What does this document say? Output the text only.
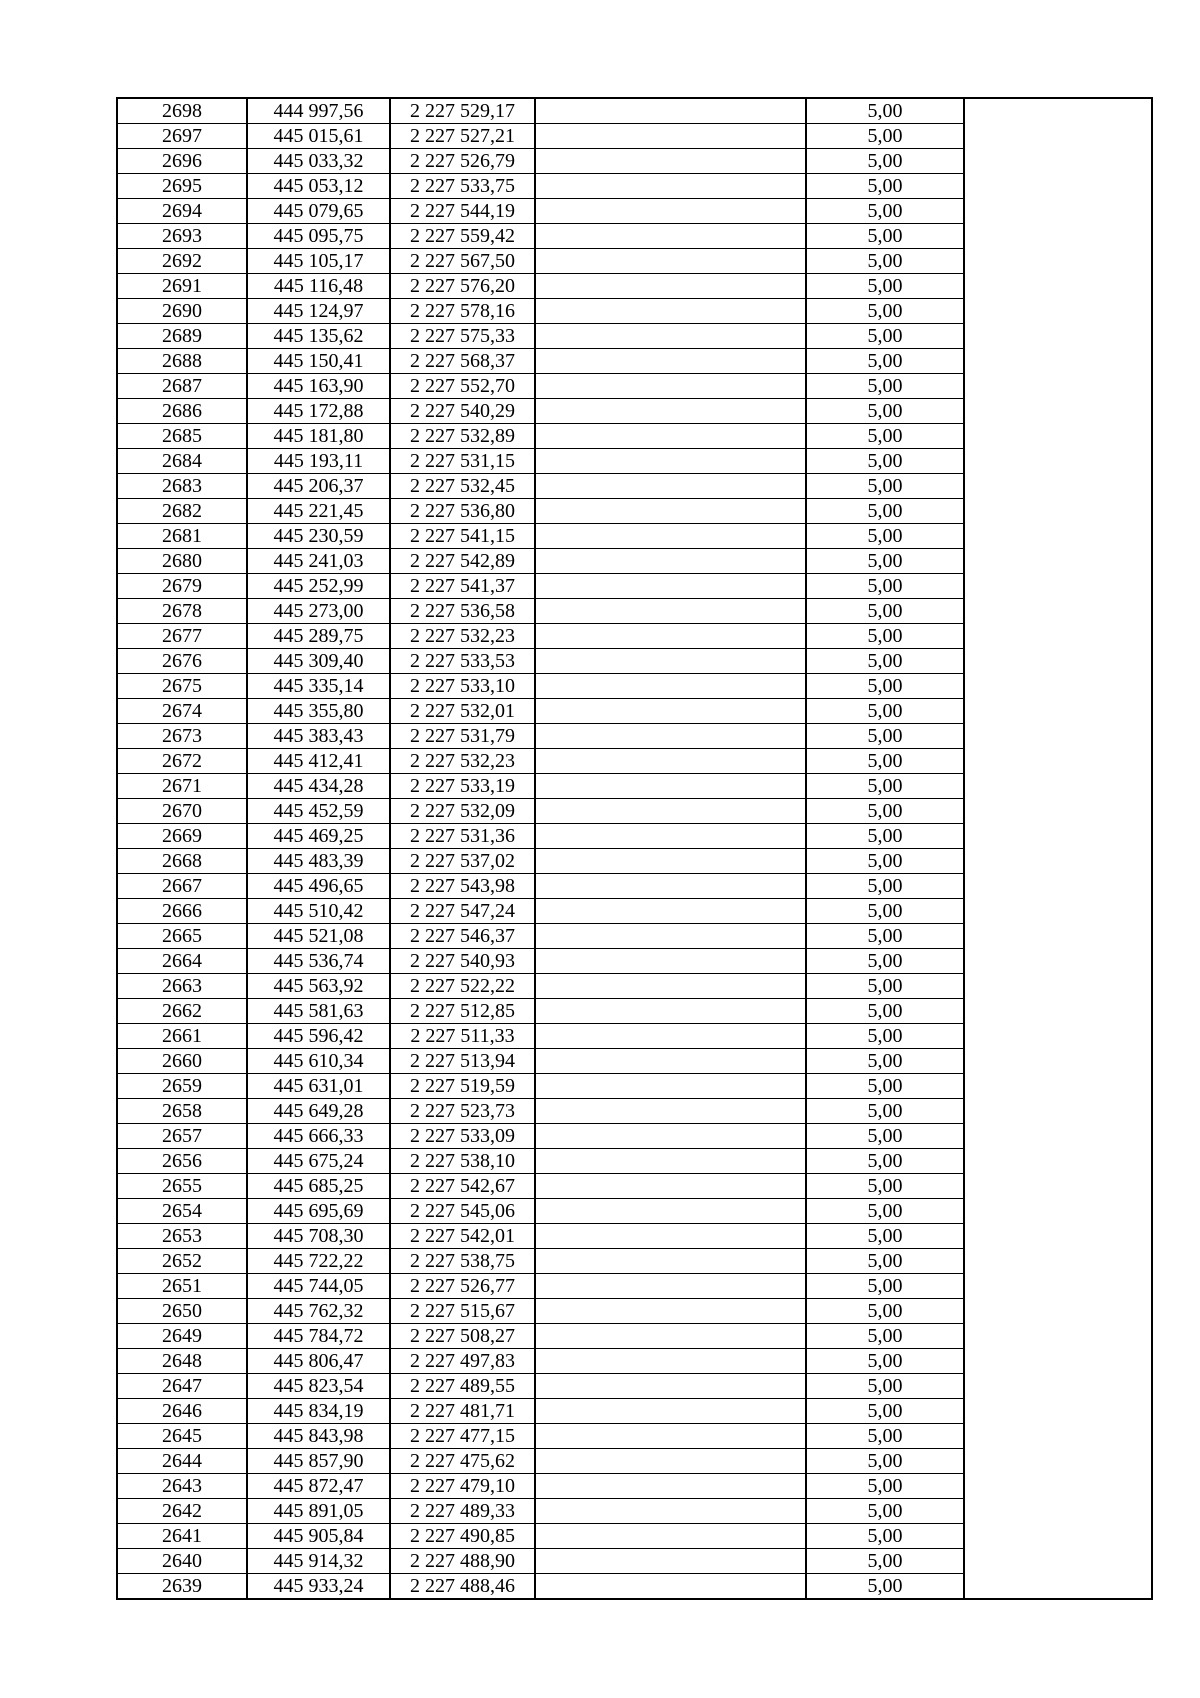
2698	444 997,56	2 227 529,17		5,00	
2697	445 015,61	2 227 527,21		5,00	
2696	445 033,32	2 227 526,79		5,00	
2695	445 053,12	2 227 533,75		5,00	
2694	445 079,65	2 227 544,19		5,00	
2693	445 095,75	2 227 559,42		5,00	
2692	445 105,17	2 227 567,50		5,00	
2691	445 116,48	2 227 576,20		5,00	
2690	445 124,97	2 227 578,16		5,00	
2689	445 135,62	2 227 575,33		5,00	
2688	445 150,41	2 227 568,37		5,00	
2687	445 163,90	2 227 552,70		5,00	
2686	445 172,88	2 227 540,29		5,00	
2685	445 181,80	2 227 532,89		5,00	
2684	445 193,11	2 227 531,15		5,00	
2683	445 206,37	2 227 532,45		5,00	
2682	445 221,45	2 227 536,80		5,00	
2681	445 230,59	2 227 541,15		5,00	
2680	445 241,03	2 227 542,89		5,00	
2679	445 252,99	2 227 541,37		5,00	
2678	445 273,00	2 227 536,58		5,00	
2677	445 289,75	2 227 532,23		5,00	
2676	445 309,40	2 227 533,53		5,00	
2675	445 335,14	2 227 533,10		5,00	
2674	445 355,80	2 227 532,01		5,00	
2673	445 383,43	2 227 531,79		5,00	
2672	445 412,41	2 227 532,23		5,00	
2671	445 434,28	2 227 533,19		5,00	
2670	445 452,59	2 227 532,09		5,00	
2669	445 469,25	2 227 531,36		5,00	
2668	445 483,39	2 227 537,02		5,00	
2667	445 496,65	2 227 543,98		5,00	
2666	445 510,42	2 227 547,24		5,00	
2665	445 521,08	2 227 546,37		5,00	
2664	445 536,74	2 227 540,93		5,00	
2663	445 563,92	2 227 522,22		5,00	
2662	445 581,63	2 227 512,85		5,00	
2661	445 596,42	2 227 511,33		5,00	
2660	445 610,34	2 227 513,94		5,00	
2659	445 631,01	2 227 519,59		5,00	
2658	445 649,28	2 227 523,73		5,00	
2657	445 666,33	2 227 533,09		5,00	
2656	445 675,24	2 227 538,10		5,00	
2655	445 685,25	2 227 542,67		5,00	
2654	445 695,69	2 227 545,06		5,00	
2653	445 708,30	2 227 542,01		5,00	
2652	445 722,22	2 227 538,75		5,00	
2651	445 744,05	2 227 526,77		5,00	
2650	445 762,32	2 227 515,67		5,00	
2649	445 784,72	2 227 508,27		5,00	
2648	445 806,47	2 227 497,83		5,00	
2647	445 823,54	2 227 489,55		5,00	
2646	445 834,19	2 227 481,71		5,00	
2645	445 843,98	2 227 477,15		5,00	
2644	445 857,90	2 227 475,62		5,00	
2643	445 872,47	2 227 479,10		5,00	
2642	445 891,05	2 227 489,33		5,00	
2641	445 905,84	2 227 490,85		5,00	
2640	445 914,32	2 227 488,90		5,00	
2639	445 933,24	2 227 488,46		5,00	
